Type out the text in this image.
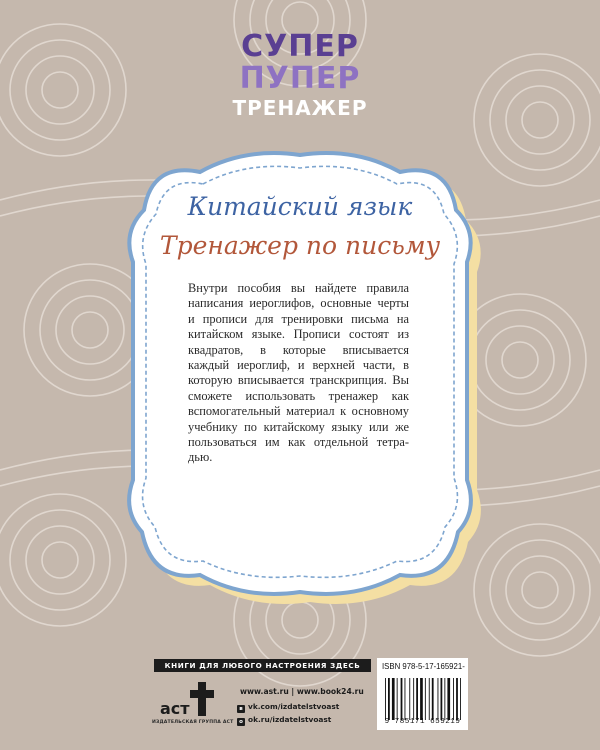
СУПЕР
ПУПЕР
ТРЕНАЖЕР
Китайский язык
Тренажер по письму
Внутри пособия вы найдете правила написания иероглифов, основные черты и прописи для тренировки письма на китайском языке. Прописи состоят из квадратов, в которые вписывается каждый иероглиф, и верхней части, в которую вписывается транскрипция. Вы сможете использовать тренажер как вспомогательный материал к основному учебнику по китайскому языку или же пользоваться им как отдельной тетра-дью.
КНИГИ ДЛЯ ЛЮБОГО НАСТРОЕНИЯ ЗДЕСЬ
аст
ИЗДАТЕЛЬСКАЯ ГРУППА АСТ
www.ast.ru | www.book24.ru
в vk.com/izdatelstvoast
о ok.ru/izdatelstvoast
ISBN 978-5-17-165921-
9 785171 659219
